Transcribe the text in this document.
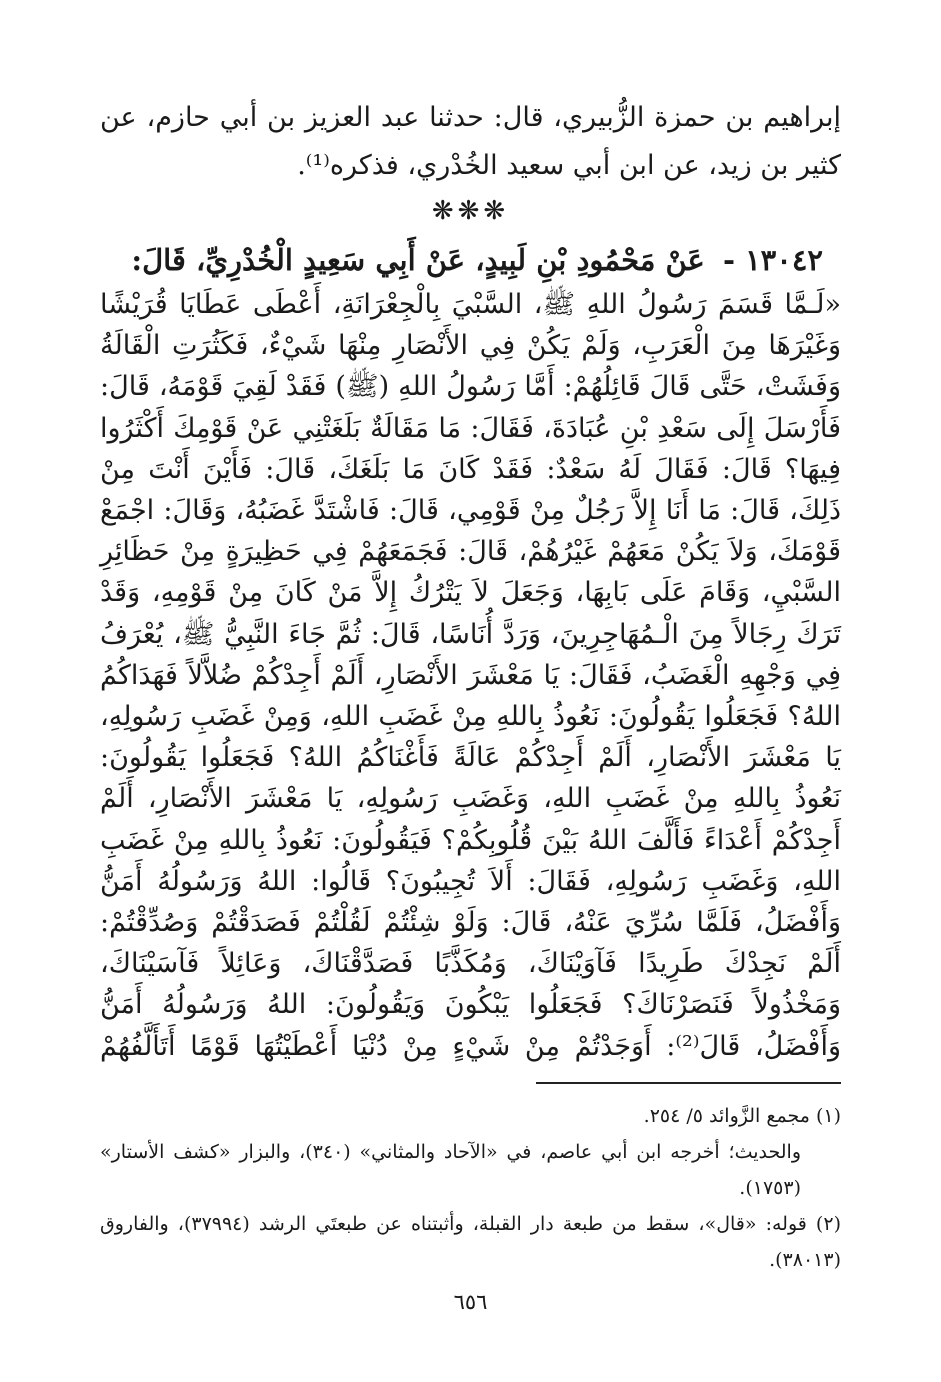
إبراهيم بن حمزة الزُّبيري، قال: حدثنا عبد العزيز بن أبي حازم، عن كثير بن زيد، عن ابن أبي سعيد الخُدْري، فذكره⁽¹⁾.

❋❋❋
١٣٠٤٢ - عَنْ مَحْمُودِ بْنِ لَبِيدٍ، عَنْ أَبِي سَعِيدٍ الْخُدْرِيِّ، قَالَ:

«لَـمَّا قَسَمَ رَسُولُ اللهِ ﷺ، السَّبْيَ بِالْجِعْرَانَةِ، أَعْطَى عَطَايَا قُرَيْشًا وَغَيْرَهَا مِنَ الْعَرَبِ، وَلَمْ يَكُنْ فِي الأَنْصَارِ مِنْهَا شَيْءٌ، فَكَثُرَتِ الْقَالَةُ وَفَشَتْ، حَتَّى قَالَ قَائِلُهُمْ: أَمَّا رَسُولُ اللهِ (ﷺ) فَقَدْ لَقِيَ قَوْمَهُ، قَالَ: فَأَرْسَلَ إِلَى سَعْدِ بْنِ عُبَادَةَ، فَقَالَ: مَا مَقَالَةٌ بَلَغَتْنِي عَنْ قَوْمِكَ أَكْثَرُوا فِيهَا؟ قَالَ: فَقَالَ لَهُ سَعْدٌ: فَقَدْ كَانَ مَا بَلَغَكَ، قَالَ: فَأَيْنَ أَنْتَ مِنْ ذَلِكَ، قَالَ: مَا أَنَا إِلاَّ رَجُلٌ مِنْ قَوْمِي، قَالَ: فَاشْتَدَّ غَضَبُهُ، وَقَالَ: اجْمَعْ قَوْمَكَ، وَلاَ يَكُنْ مَعَهُمْ غَيْرُهُمْ، قَالَ: فَجَمَعَهُمْ فِي حَظِيرَةٍ مِنْ حَظَائِرِ السَّبْيِ، وَقَامَ عَلَى بَابِهَا، وَجَعَلَ لاَ يَتْرُكُ إِلاَّ مَنْ كَانَ مِنْ قَوْمِهِ، وَقَدْ تَرَكَ رِجَالاً مِنَ الْـمُهَاجِرِينَ، وَرَدَّ أُنَاسًا، قَالَ: ثُمَّ جَاءَ النَّبِيُّ ﷺ، يُعْرَفُ فِي وَجْهِهِ الْغَضَبُ، فَقَالَ: يَا مَعْشَرَ الأَنْصَارِ، أَلَمْ أَجِدْكُمْ ضُلاَّلاً فَهَدَاكُمُ اللهُ؟ فَجَعَلُوا يَقُولُونَ: نَعُوذُ بِاللهِ مِنْ غَضَبِ اللهِ، وَمِنْ غَضَبِ رَسُولِهِ، يَا مَعْشَرَ الأَنْصَارِ، أَلَمْ أَجِدْكُمْ عَالَةً فَأَغْنَاكُمُ اللهُ؟ فَجَعَلُوا يَقُولُونَ: نَعُوذُ بِاللهِ مِنْ غَضَبِ اللهِ، وَغَضَبِ رَسُولِهِ، يَا مَعْشَرَ الأَنْصَارِ، أَلَمْ أَجِدْكُمْ أَعْدَاءً فَأَلَّفَ اللهُ بَيْنَ قُلُوبِكُمْ؟ فَيَقُولُونَ: نَعُوذُ بِاللهِ مِنْ غَضَبِ اللهِ، وَغَضَبِ رَسُولِهِ، فَقَالَ: أَلاَ تُجِيبُونَ؟ قَالُوا: اللهُ وَرَسُولُهُ أَمَنُّ وَأَفْضَلُ، فَلَمَّا سُرِّيَ عَنْهُ، قَالَ: وَلَوْ شِئْتُمْ لَقُلْتُمْ فَصَدَقْتُمْ وَصُدِّقْتُمْ: أَلَمْ نَجِدْكَ طَرِيدًا فَآوَيْنَاكَ، وَمُكَذَّبًا فَصَدَّقْنَاكَ، وَعَائِلاً فَآسَيْنَاكَ، وَمَخْذُولاً فَنَصَرْنَاكَ؟ فَجَعَلُوا يَبْكُونَ وَيَقُولُونَ: اللهُ وَرَسُولُهُ أَمَنُّ وَأَفْضَلُ، قَالَ⁽²⁾: أَوَجَدْتُمْ مِنْ شَيْءٍ مِنْ دُنْيَا أَعْطَيْتُهَا قَوْمًا أَتَأَلَّفُهُمْ

(١) مجمع الزَّوائد ٥/ ٢٥٤.

والحديث؛ أخرجه ابن أبي عاصم، في «الآحاد والمثاني» (٣٤٠)، والبزار «كشف الأستار» (١٧٥٣).

(٢) قوله: «قال»، سقط من طبعة دار القبلة، وأثبتناه عن طبعتَي الرشد (٣٧٩٩٤)، والفاروق (٣٨٠١٣).

٦٥٦
